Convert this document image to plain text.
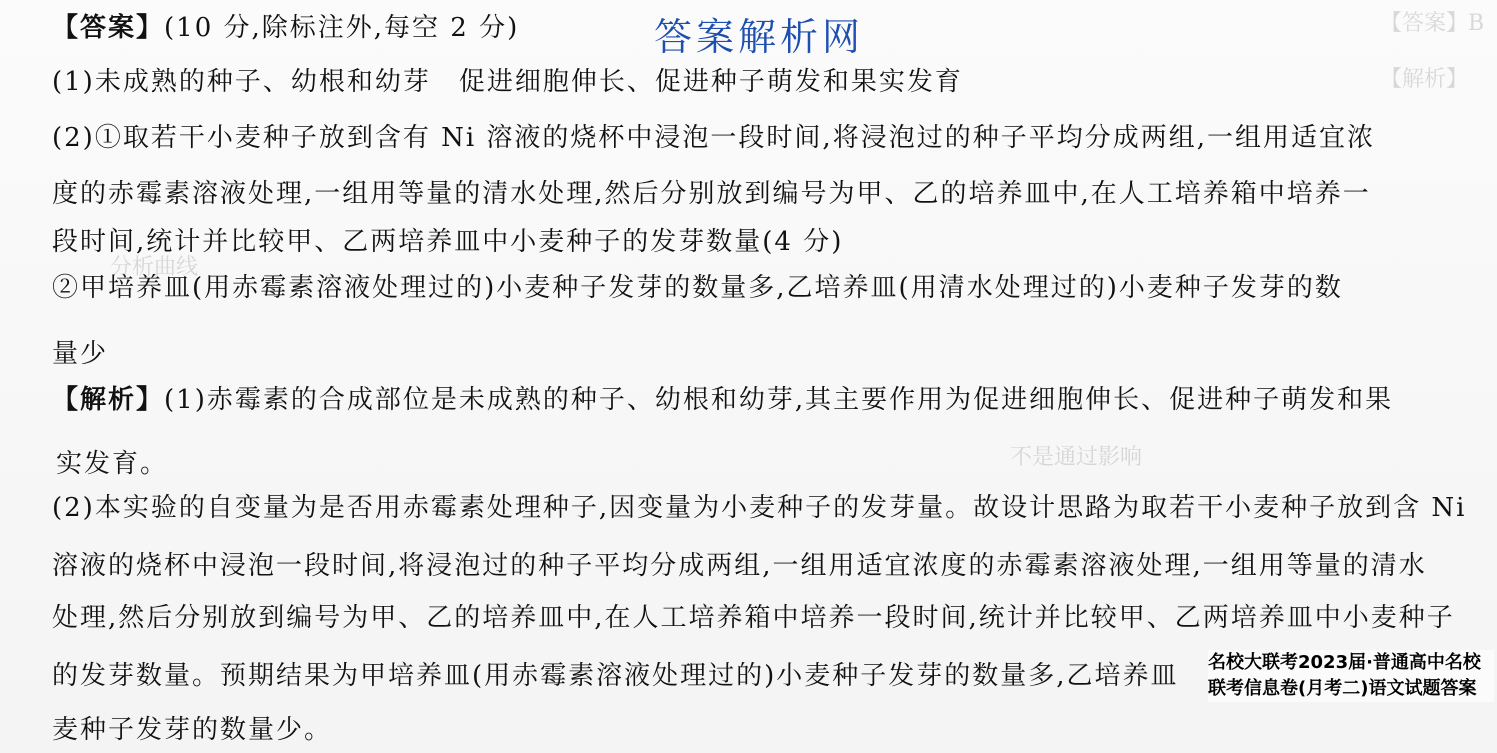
【答案】B
【解析】
分析曲线
不是通过影响
答案解析网
【答案】(10 分,除标注外,每空 2 分)
(1)未成熟的种子、幼根和幼芽　促进细胞伸长、促进种子萌发和果实发育
(2)①取若干小麦种子放到含有 Ni 溶液的烧杯中浸泡一段时间,将浸泡过的种子平均分成两组,一组用适宜浓
度的赤霉素溶液处理,一组用等量的清水处理,然后分别放到编号为甲、乙的培养皿中,在人工培养箱中培养一
段时间,统计并比较甲、乙两培养皿中小麦种子的发芽数量(4 分)
②甲培养皿(用赤霉素溶液处理过的)小麦种子发芽的数量多,乙培养皿(用清水处理过的)小麦种子发芽的数
量少
【解析】(1)赤霉素的合成部位是未成熟的种子、幼根和幼芽,其主要作用为促进细胞伸长、促进种子萌发和果
实发育。
(2)本实验的自变量为是否用赤霉素处理种子,因变量为小麦种子的发芽量。故设计思路为取若干小麦种子放到含 Ni
溶液的烧杯中浸泡一段时间,将浸泡过的种子平均分成两组,一组用适宜浓度的赤霉素溶液处理,一组用等量的清水
处理,然后分别放到编号为甲、乙的培养皿中,在人工培养箱中培养一段时间,统计并比较甲、乙两培养皿中小麦种子
的发芽数量。预期结果为甲培养皿(用赤霉素溶液处理过的)小麦种子发芽的数量多,乙培养皿
麦种子发芽的数量少。
名校大联考2023届·普通高中名校联考信息卷(月考二)语文试题答案
